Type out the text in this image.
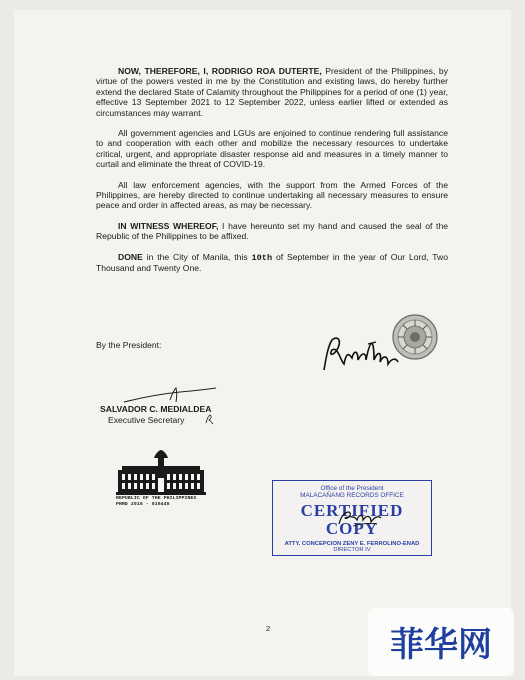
NOW, THEREFORE, I, RODRIGO ROA DUTERTE, President of the Philippines, by virtue of the powers vested in me by the Constitution and existing laws, do hereby further extend the declared State of Calamity throughout the Philippines for a period of one (1) year, effective 13 September 2021 to 12 September 2022, unless earlier lifted or extended as circumstances may warrant.

All government agencies and LGUs are enjoined to continue rendering full assistance to and cooperation with each other and mobilize the necessary resources to undertake critical, urgent, and appropriate disaster response aid and measures in a timely manner to curtail and eliminate the threat of COVID-19.

All law enforcement agencies, with the support from the Armed Forces of the Philippines, are hereby directed to continue undertaking all necessary measures to ensure peace and order in affected areas, as may be necessary.

IN WITNESS WHEREOF, I have hereunto set my hand and caused the seal of the Republic of the Philippines to be affixed.

DONE in the City of Manila, this 10th of September in the year of Our Lord, Two Thousand and Twenty One.

By the President:
SALVADOR C. MEDIALDEA
Executive Secretary
REPUBLIC OF THE PHILIPPINES
PRRD 2016 - 019445
Office of the President
MALACAÑANG RECORDS OFFICE
CERTIFIED COPY
ATTY. CONCEPCION ZENY E. FERROLINO-ENAD
DIRECTOR IV
2	菲华网
